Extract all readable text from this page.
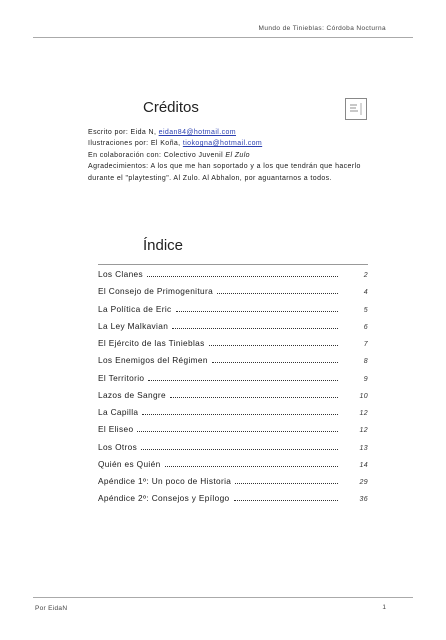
Mundo de Tinieblas: Córdoba Nocturna
Créditos

Escrito por: Eida N, eidan84@hotmail.com

Ilustraciones por: El Koña, tiokogna@hotmail.com

En colaboración con: Colectivo Juvenil El Zulo

Agradecimientos: A los que me han soportado y a los que tendrán que hacerlo

durante el "playtesting". Al Zulo. Al Abhalon, por aguantarnos a todos.

Índice
Los Clanes	2
El Consejo de Primogenitura	4
La Política de Eric	5
La Ley Malkavian	6
El Ejército de las Tinieblas	7
Los Enemigos del Régimen	8
El Territorio	9
Lazos de Sangre	10
La Capilla	12
El Eliseo	12
Los Otros	13
Quién es Quién	14
Apéndice 1º: Un poco de Historia	29
Apéndice 2º: Consejos y Epílogo	36
Por EidaN	1
